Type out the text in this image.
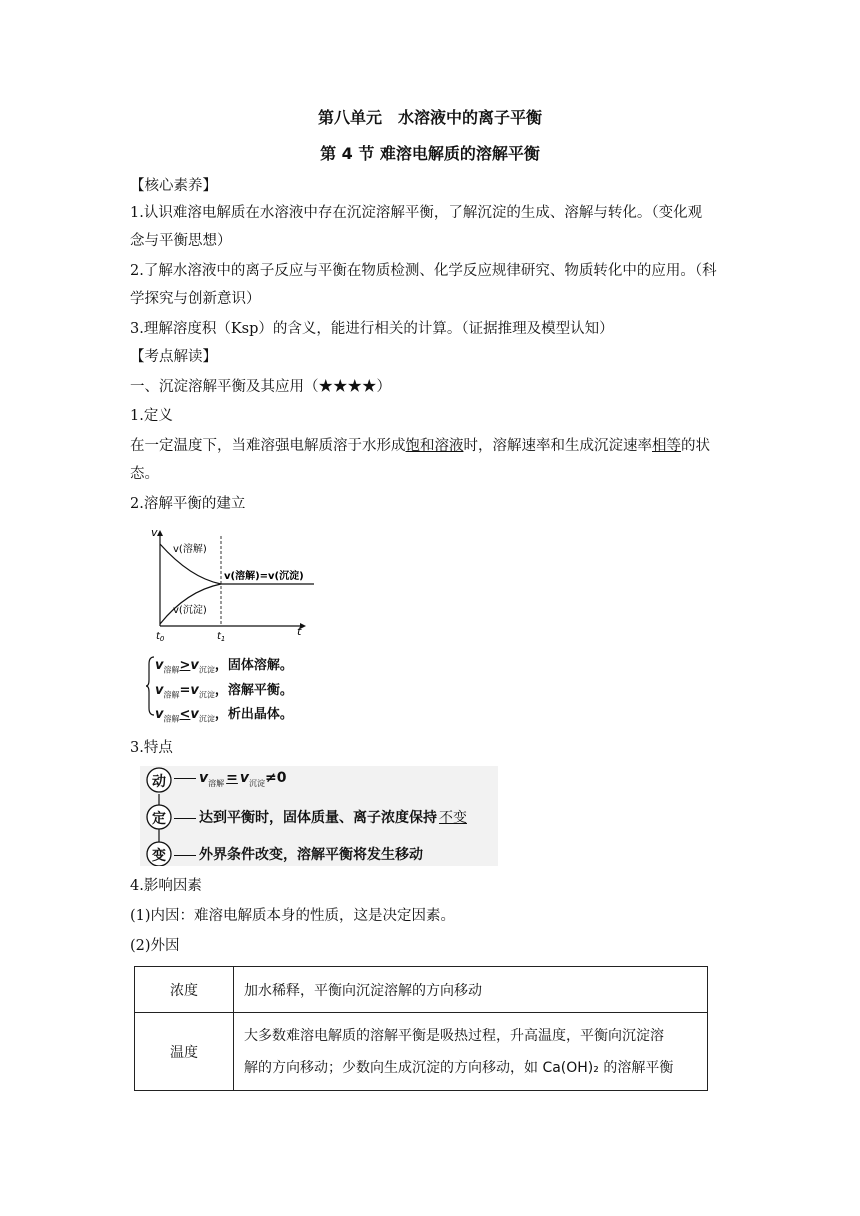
第八单元　水溶液中的离子平衡
第 4 节 难溶电解质的溶解平衡
【核心素养】
1.认识难溶电解质在水溶液中存在沉淀溶解平衡，了解沉淀的生成、溶解与转化。（变化观
念与平衡思想）
2.了解水溶液中的离子反应与平衡在物质检测、化学反应规律研究、物质转化中的应用。（科
学探究与创新意识）
3.理解溶度积（Ksp）的含义，能进行相关的计算。（证据推理及模型认知）
【考点解读】
一、沉淀溶解平衡及其应用（★★★★）
1.定义
在一定温度下，当难溶强电解质溶于水形成饱和溶液时，溶解速率和生成沉淀速率相等的状
态。
2.溶解平衡的建立
v
t
$t_0$	$t_1$
v(溶解)
v(沉淀)
v(溶解)=v(沉淀)
$v_{溶解}>v_{沉淀}$，固体溶解。
$v_{溶解}=v_{沉淀}$，溶解平衡。
$v_{溶解}<v_{沉淀}$，析出晶体。
3.特点
动
定
变
$v_{溶解} = v_{沉淀}\ne 0$
达到平衡时，固体质量、离子浓度保持 不变
外界条件改变，溶解平衡将发生移动
4.影响因素
(1)内因：难溶电解质本身的性质，这是决定因素。
(2)外因
浓度	加水稀释，平衡向沉淀溶解的方向移动
温度	大多数难溶电解质的溶解平衡是吸热过程，升高温度，平衡向沉淀溶
解的方向移动；少数向生成沉淀的方向移动，如 Ca(OH)₂ 的溶解平衡
